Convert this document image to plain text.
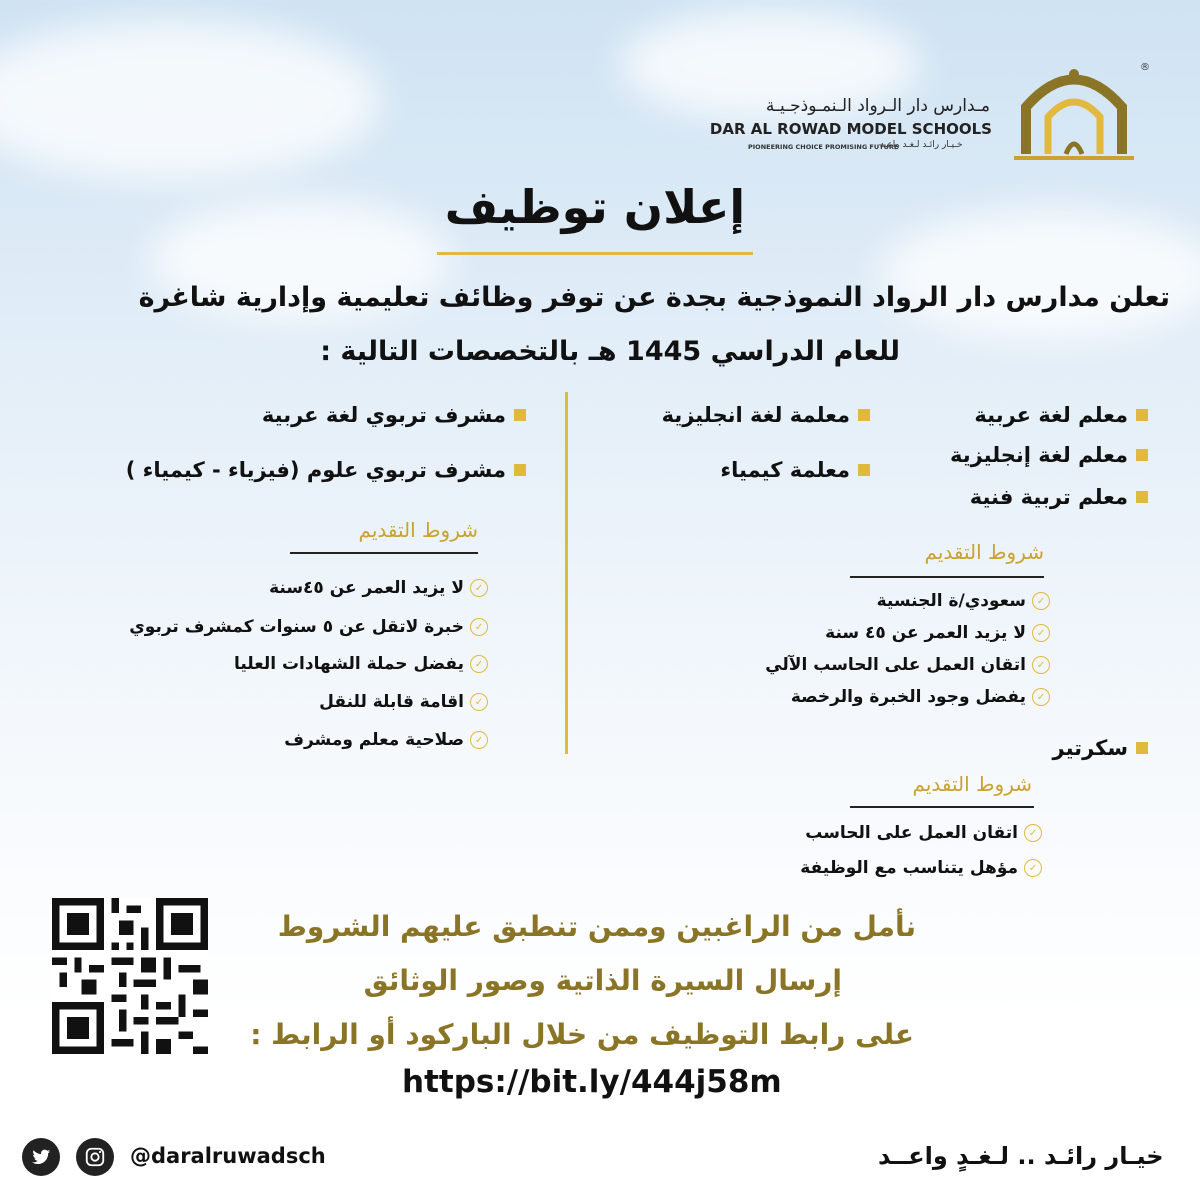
®
مـدارس دار الـرواد الـنمـوذجـيـة
DAR AL ROWAD MODEL SCHOOLS
PIONEERING CHOICE PROMISING FUTURE
خـيـار رائـد لـغـد واعـد
إعلان توظيف
تعلن مدارس دار الرواد النموذجية بجدة عن توفر وظائف تعليمية وإدارية شاغرة
للعام الدراسي 1445 هـ بالتخصصات التالية :
معلم لغة عربية
معلم لغة إنجليزية
معلم تربية فنية
معلمة لغة انجليزية
معلمة كيمياء
مشرف تربوي لغة عربية
مشرف تربوي علوم (فيزياء - كيمياء )
شروط التقديم
✓
لا يزيد العمر عن ٤٥سنة
✓
خبرة لاتقل عن ٥ سنوات كمشرف تربوي
✓
يفضل حملة الشهادات العليا
✓
اقامة قابلة للنقل
✓
صلاحية معلم ومشرف
شروط التقديم
✓
سعودي/ة الجنسية
✓
لا يزيد العمر عن ٤٥ سنة
✓
اتقان العمل على الحاسب الآلي
✓
يفضل وجود الخبرة والرخصة
سكرتير
شروط التقديم
✓
اتقان العمل على الحاسب
✓
مؤهل يتناسب مع الوظيفة
نأمل من الراغبين وممن تنطبق عليهم الشروط
إرسال السيرة الذاتية وصور الوثائق
على رابط التوظيف من خلال الباركود أو الرابط :
https://bit.ly/444j58m
@daralruwadsch	خيـار رائـد .. لـغـدٍ واعــد
